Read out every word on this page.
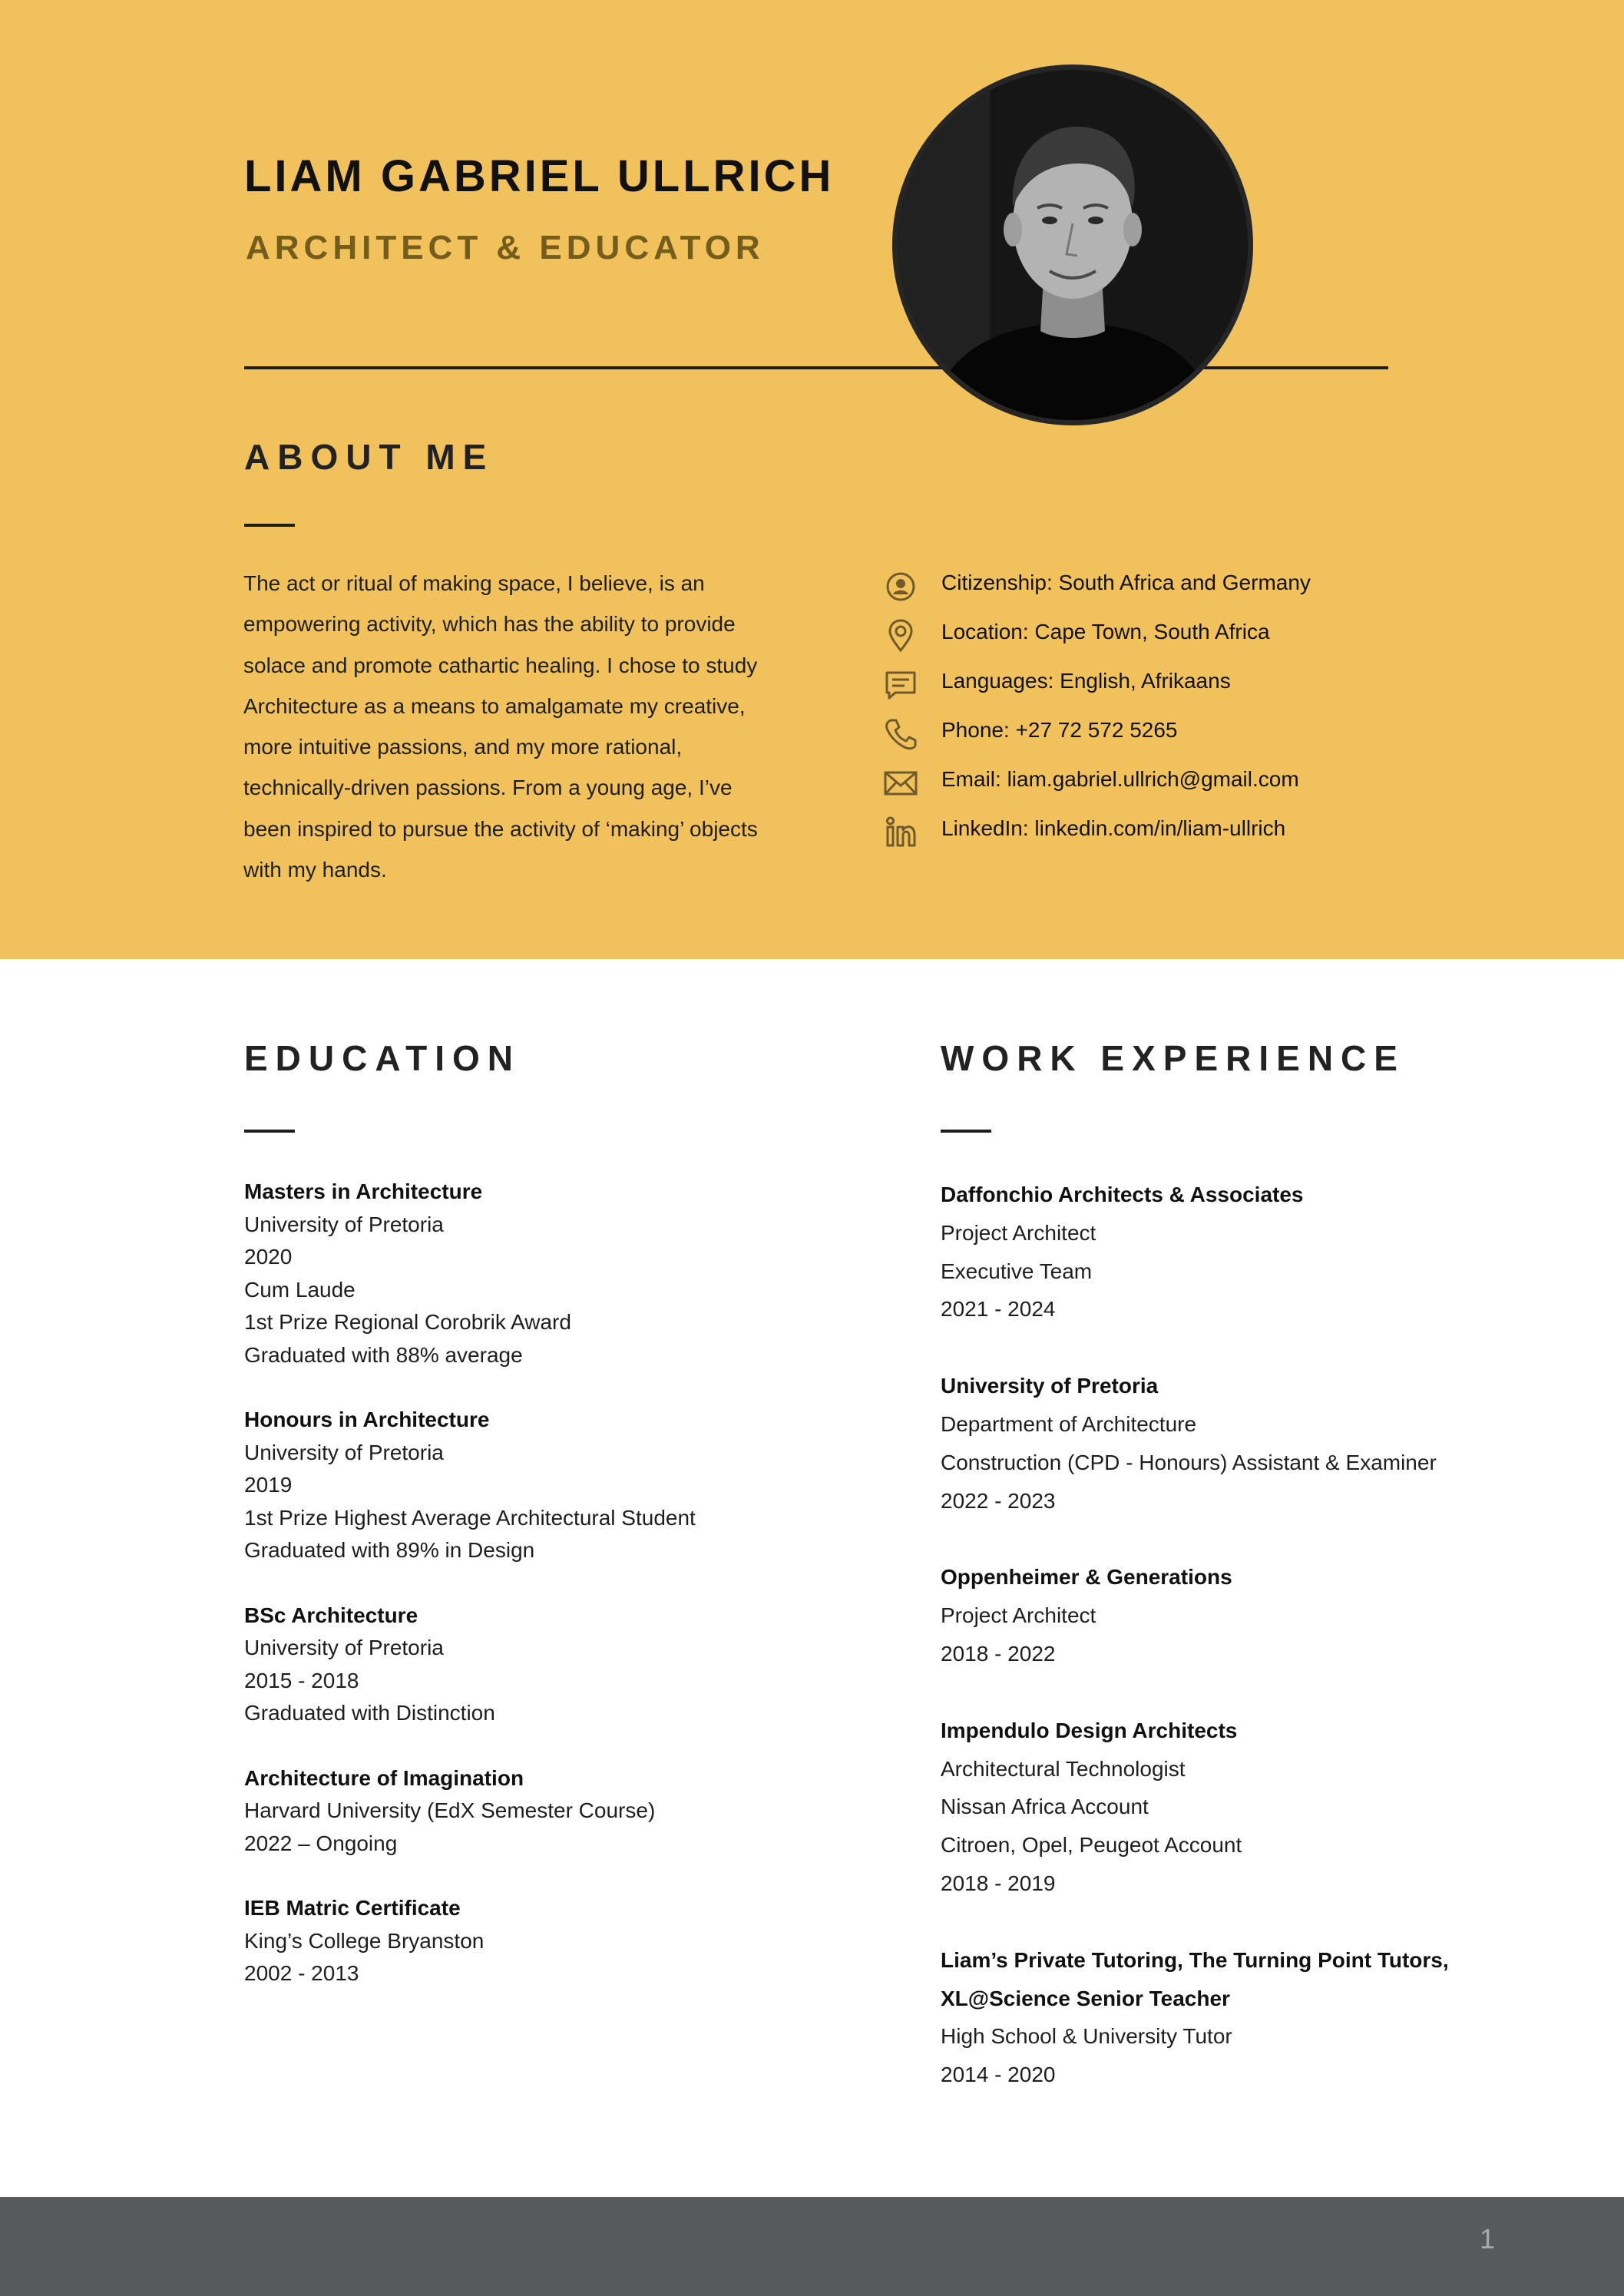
LIAM GABRIEL ULLRICH
ARCHITECT & EDUCATOR
ABOUT ME

The act or ritual of making space, I believe, is an empowering activity, which has the ability to provide solace and promote cathartic healing. I chose to study Architecture as a means to amalgamate my creative, more intuitive passions, and my more rational, technically-driven passions. From a young age, I’ve been inspired to pursue the activity of ‘making’ objects with my hands.

Citizenship: South Africa and Germany
Location: Cape Town, South Africa
Languages: English, Afrikaans
Phone: +27 72 572 5265
Email: liam.gabriel.ullrich@gmail.com
LinkedIn: linkedin.com/in/liam-ullrich
EDUCATION
Masters in Architecture
University of Pretoria
2020
Cum Laude
1st Prize Regional Corobrik Award
Graduated with 88% average
Honours in Architecture
University of Pretoria
2019
1st Prize Highest Average Architectural Student
Graduated with 89% in Design
BSc Architecture
University of Pretoria
2015 - 2018
Graduated with Distinction
Architecture of Imagination
Harvard University (EdX Semester Course)
2022 – Ongoing
IEB Matric Certificate
King’s College Bryanston
2002 - 2013
WORK EXPERIENCE
Daffonchio Architects & Associates
Project Architect
Executive Team
2021 - 2024
University of Pretoria
Department of Architecture
Construction (CPD - Honours) Assistant & Examiner
2022 - 2023
Oppenheimer & Generations
Project Architect
2018 - 2022
Impendulo Design Architects
Architectural Technologist
Nissan Africa Account
Citroen, Opel, Peugeot Account
2018 - 2019
Liam’s Private Tutoring, The Turning Point Tutors,
XL@Science Senior Teacher
High School & University Tutor
2014 - 2020
1
